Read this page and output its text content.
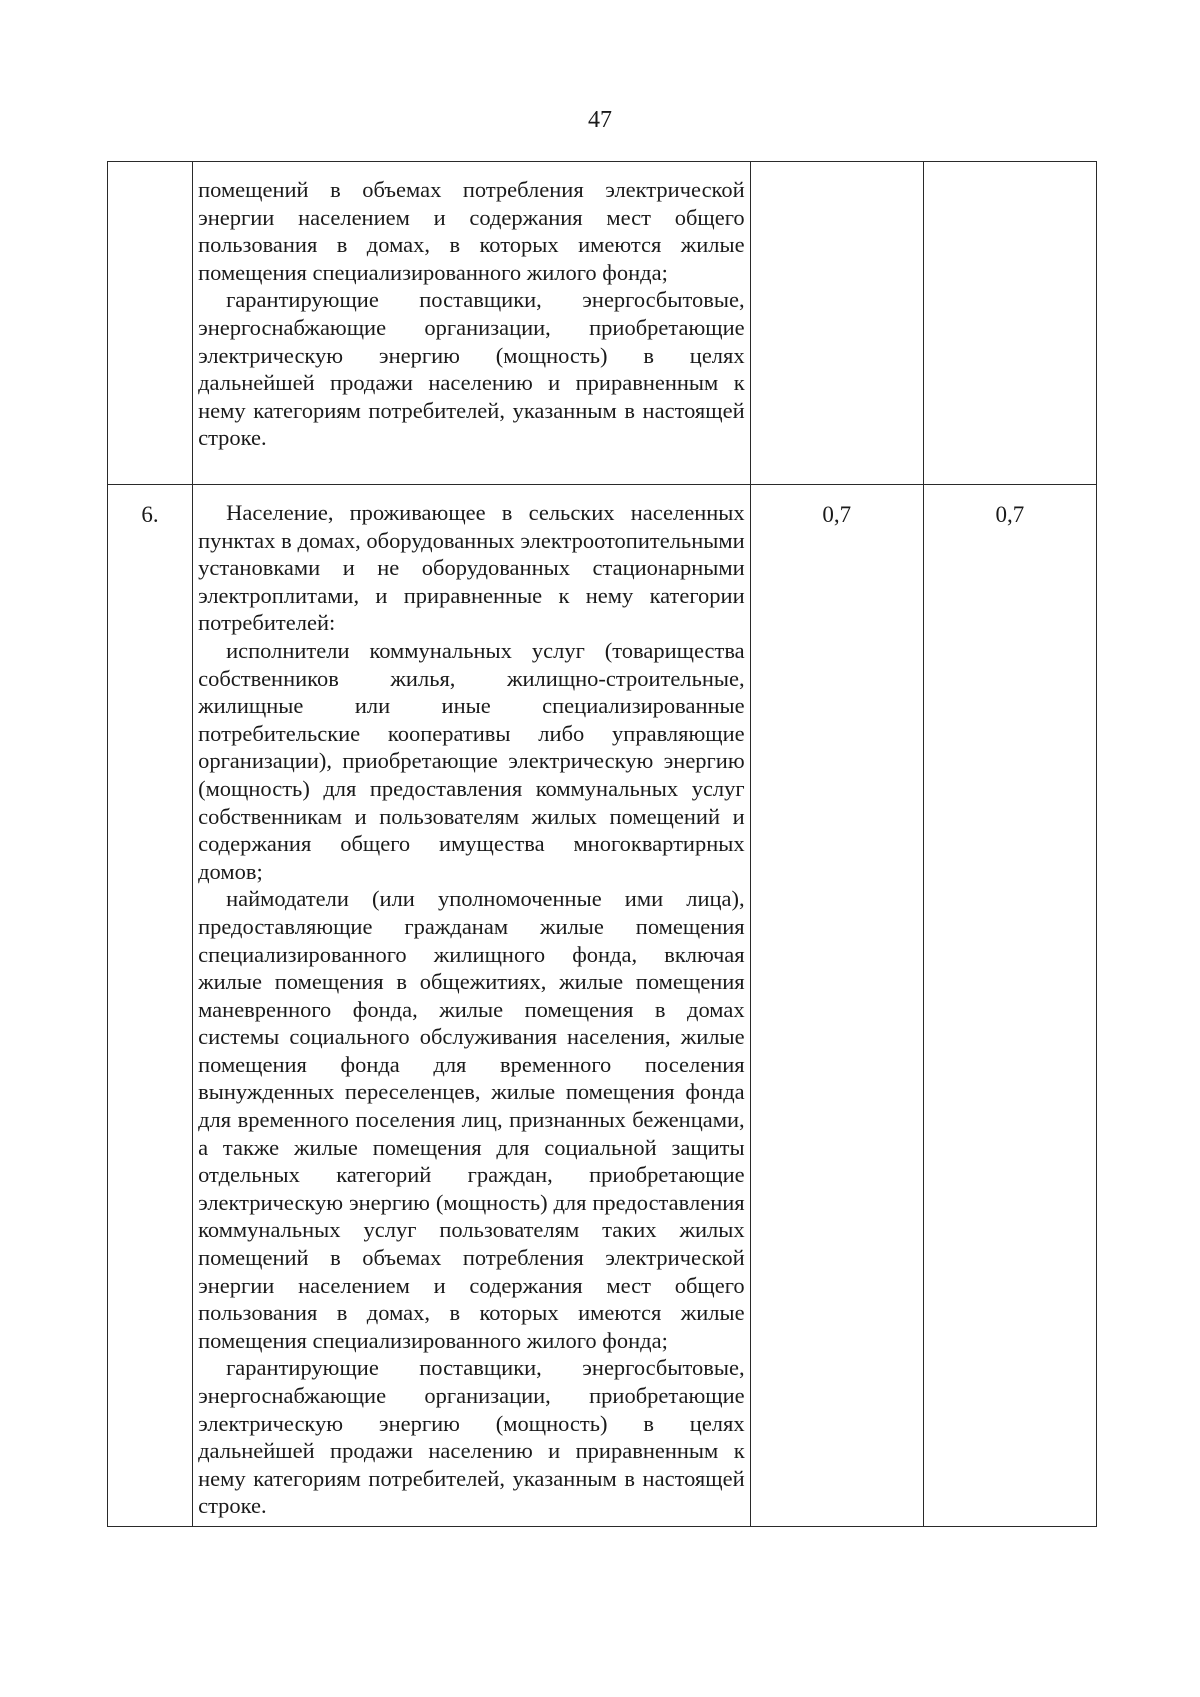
47

	помещений в объемах потребления электрической энергии населением и содержания мест общего пользования в домах, в которых имеются жилые помещения специализированного жилого фонда;

гарантирующие поставщики, энергосбытовые, энергоснабжающие организации, приобретающие электрическую энергию (мощность) в целях дальнейшей продажи населению и приравненным к нему категориям потребителей, указанным в настоящей строке.		

6.	Население, проживающее в сельских населенных пунктах в домах, оборудованных электроотопительными установками и не оборудованных стационарными электроплитами, и приравненные к нему категории потребителей:

исполнители коммунальных услуг (товарищества собственников жилья, жилищно-строительные, жилищные или иные специализированные потребительские кооперативы либо управляющие организации), приобретающие электрическую энергию (мощность) для предоставления коммунальных услуг собственникам и пользователям жилых помещений и содержания общего имущества многоквартирных домов;

наймодатели (или уполномоченные ими лица), предоставляющие гражданам жилые помещения специализированного жилищного фонда, включая жилые помещения в общежитиях, жилые помещения маневренного фонда, жилые помещения в домах системы социального обслуживания населения, жилые помещения фонда для временного поселения вынужденных переселенцев, жилые помещения фонда для временного поселения лиц, признанных беженцами, а также жилые помещения для социальной защиты отдельных категорий граждан, приобретающие электрическую энергию (мощность) для предоставления коммунальных услуг пользователям таких жилых помещений в объемах потребления электрической энергии населением и содержания мест общего пользования в домах, в которых имеются жилые помещения специализированного жилого фонда;

гарантирующие поставщики, энергосбытовые, энергоснабжающие организации, приобретающие электрическую энергию (мощность) в целях дальнейшей продажи населению и приравненным к нему категориям потребителей, указанным в настоящей строке.	0,7	0,7
